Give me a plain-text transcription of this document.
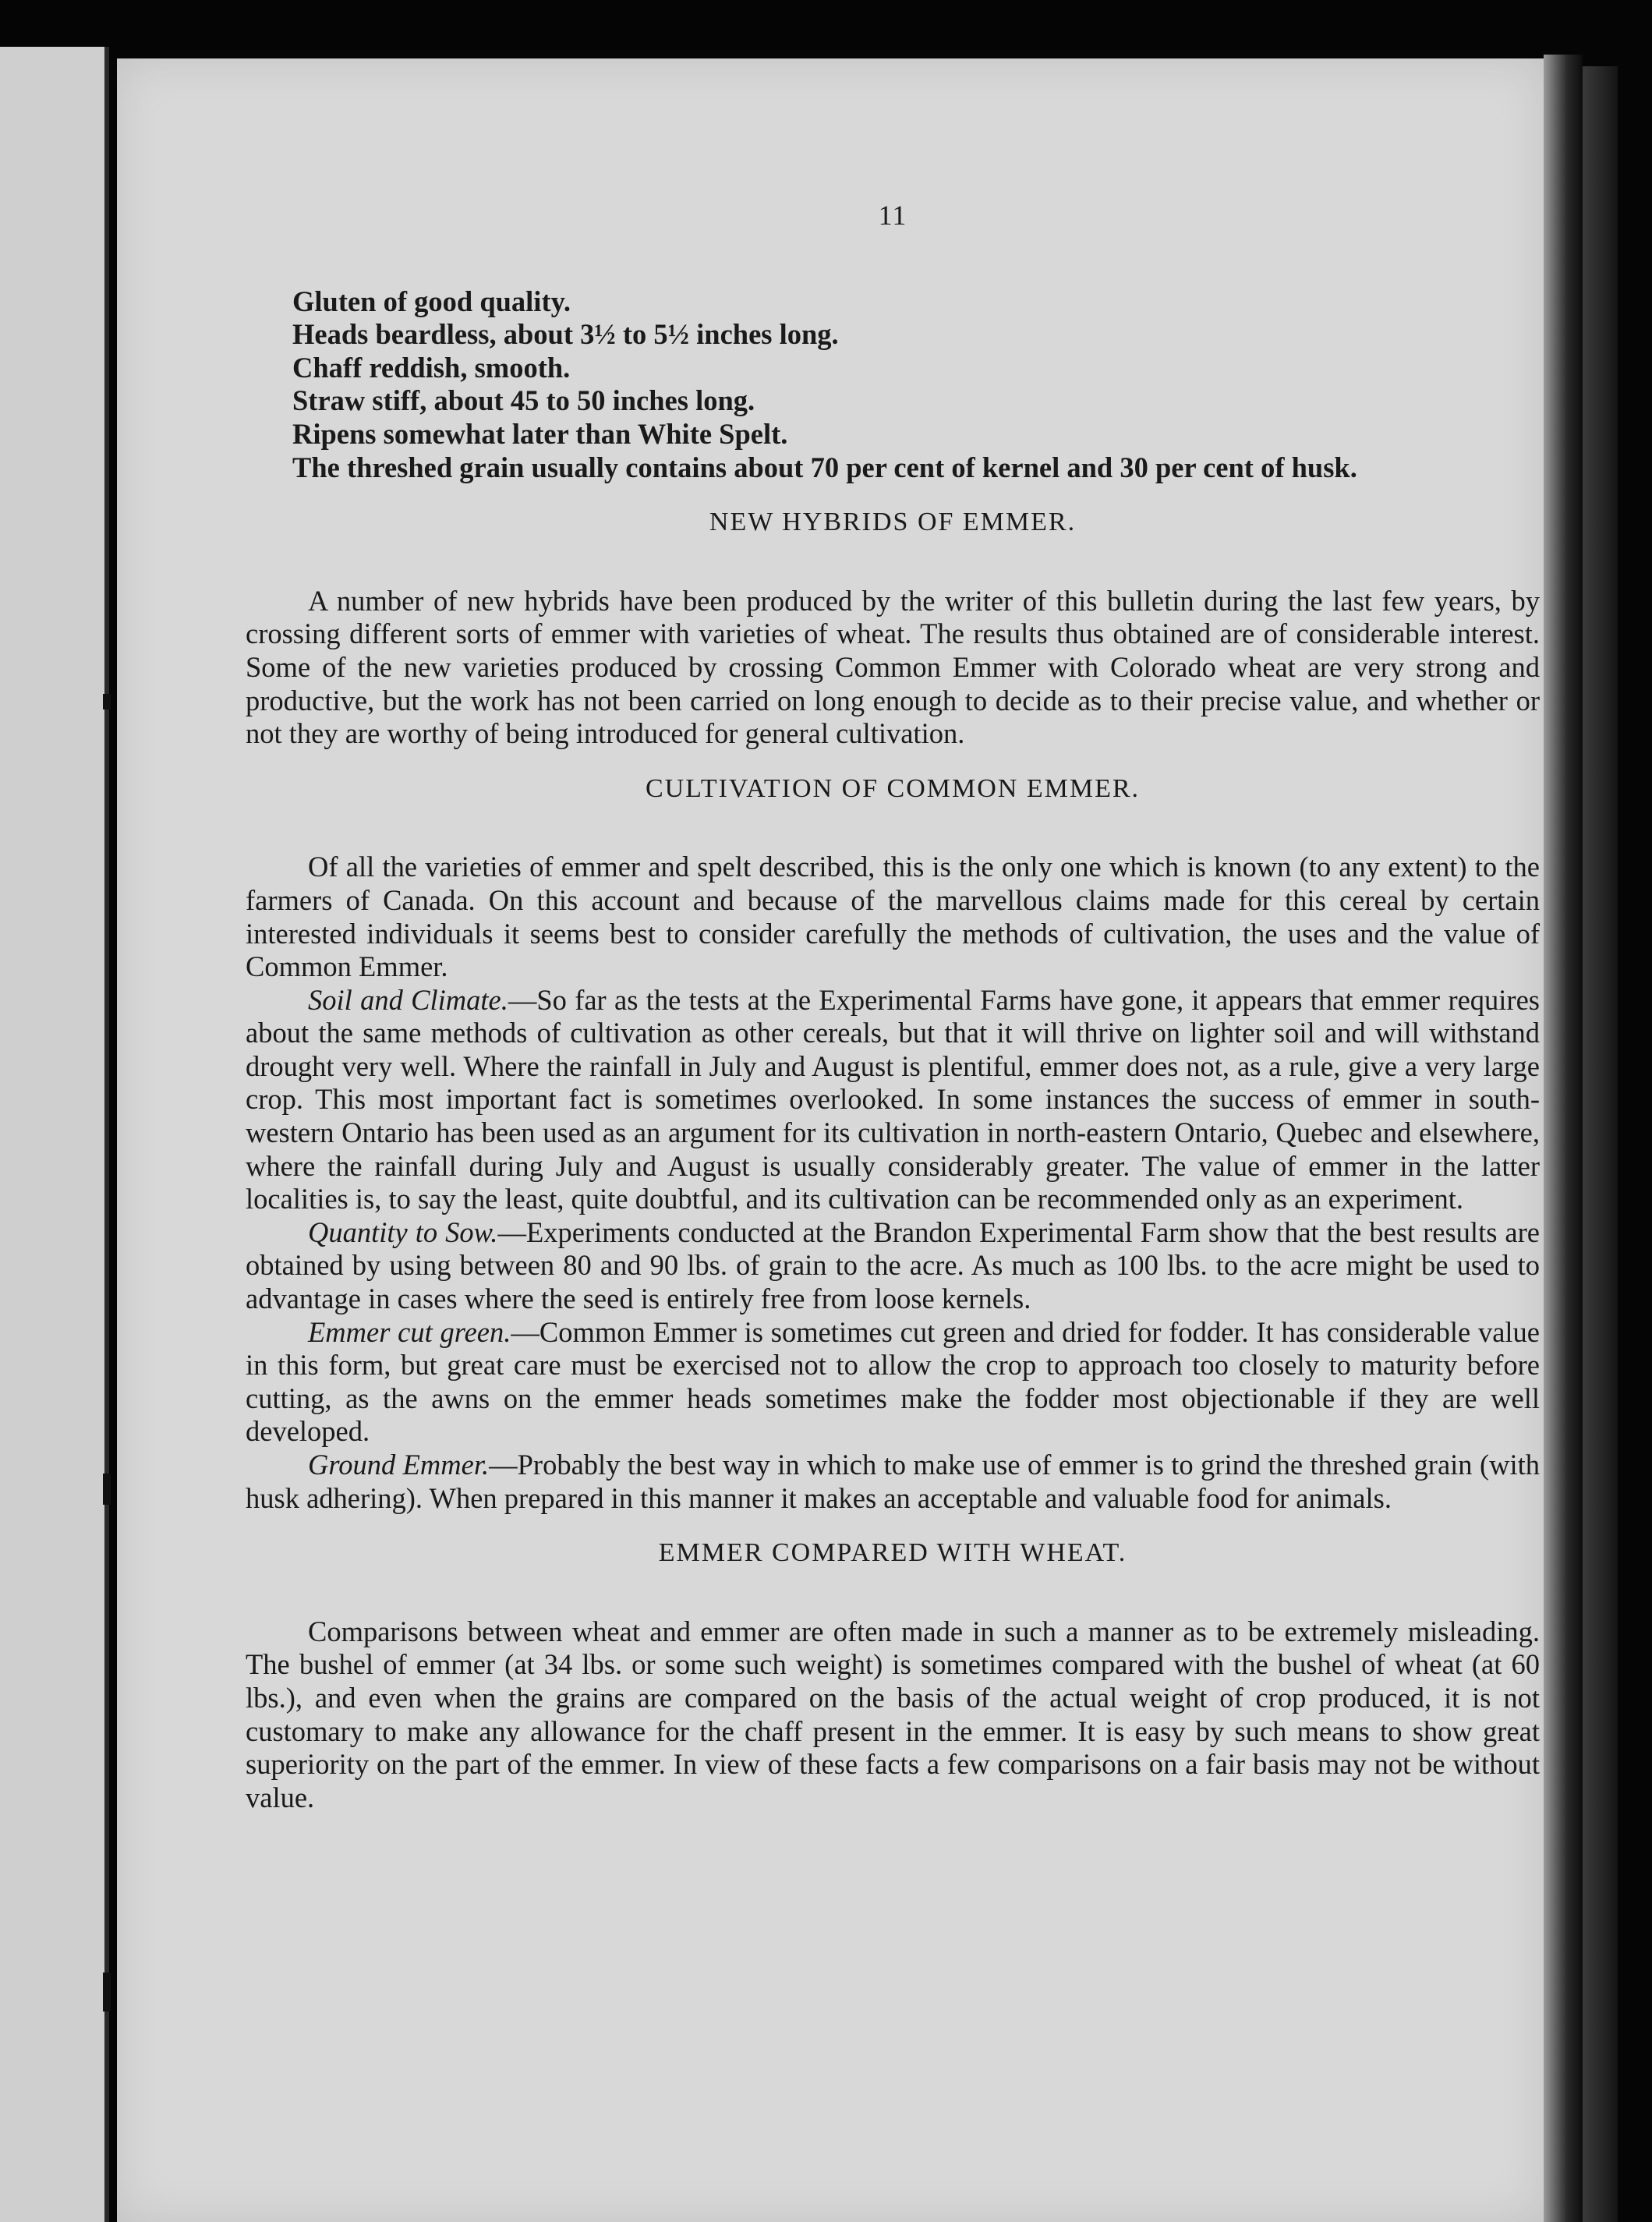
11

Gluten of good quality.

Heads beardless, about 3½ to 5½ inches long.

Chaff reddish, smooth.

Straw stiff, about 45 to 50 inches long.

Ripens somewhat later than White Spelt.

The threshed grain usually contains about 70 per cent of kernel and 30 per cent of husk.

NEW HYBRIDS OF EMMER.

A number of new hybrids have been produced by the writer of this bulletin during the last few years, by crossing different sorts of emmer with varieties of wheat. The results thus obtained are of considerable interest. Some of the new varieties produced by crossing Common Emmer with Colorado wheat are very strong and productive, but the work has not been carried on long enough to decide as to their precise value, and whether or not they are worthy of being introduced for general cultivation.

CULTIVATION OF COMMON EMMER.

Of all the varieties of emmer and spelt described, this is the only one which is known (to any extent) to the farmers of Canada. On this account and because of the marvellous claims made for this cereal by certain interested individuals it seems best to consider carefully the methods of cultivation, the uses and the value of Common Emmer.

Soil and Climate.—So far as the tests at the Experimental Farms have gone, it appears that emmer requires about the same methods of cultivation as other cereals, but that it will thrive on lighter soil and will withstand drought very well. Where the rainfall in July and August is plentiful, emmer does not, as a rule, give a very large crop. This most important fact is sometimes overlooked. In some instances the success of emmer in south-western Ontario has been used as an argument for its cultivation in north-eastern Ontario, Quebec and elsewhere, where the rainfall during July and August is usually considerably greater. The value of emmer in the latter localities is, to say the least, quite doubtful, and its cultivation can be recommended only as an experiment.

Quantity to Sow.—Experiments conducted at the Brandon Experimental Farm show that the best results are obtained by using between 80 and 90 lbs. of grain to the acre. As much as 100 lbs. to the acre might be used to advantage in cases where the seed is entirely free from loose kernels.

Emmer cut green.—Common Emmer is sometimes cut green and dried for fodder. It has considerable value in this form, but great care must be exercised not to allow the crop to approach too closely to maturity before cutting, as the awns on the emmer heads sometimes make the fodder most objectionable if they are well developed.

Ground Emmer.—Probably the best way in which to make use of emmer is to grind the threshed grain (with husk adhering). When prepared in this manner it makes an acceptable and valuable food for animals.

EMMER COMPARED WITH WHEAT.

Comparisons between wheat and emmer are often made in such a manner as to be extremely misleading. The bushel of emmer (at 34 lbs. or some such weight) is sometimes compared with the bushel of wheat (at 60 lbs.), and even when the grains are compared on the basis of the actual weight of crop produced, it is not customary to make any allowance for the chaff present in the emmer. It is easy by such means to show great superiority on the part of the emmer. In view of these facts a few comparisons on a fair basis may not be without value.
